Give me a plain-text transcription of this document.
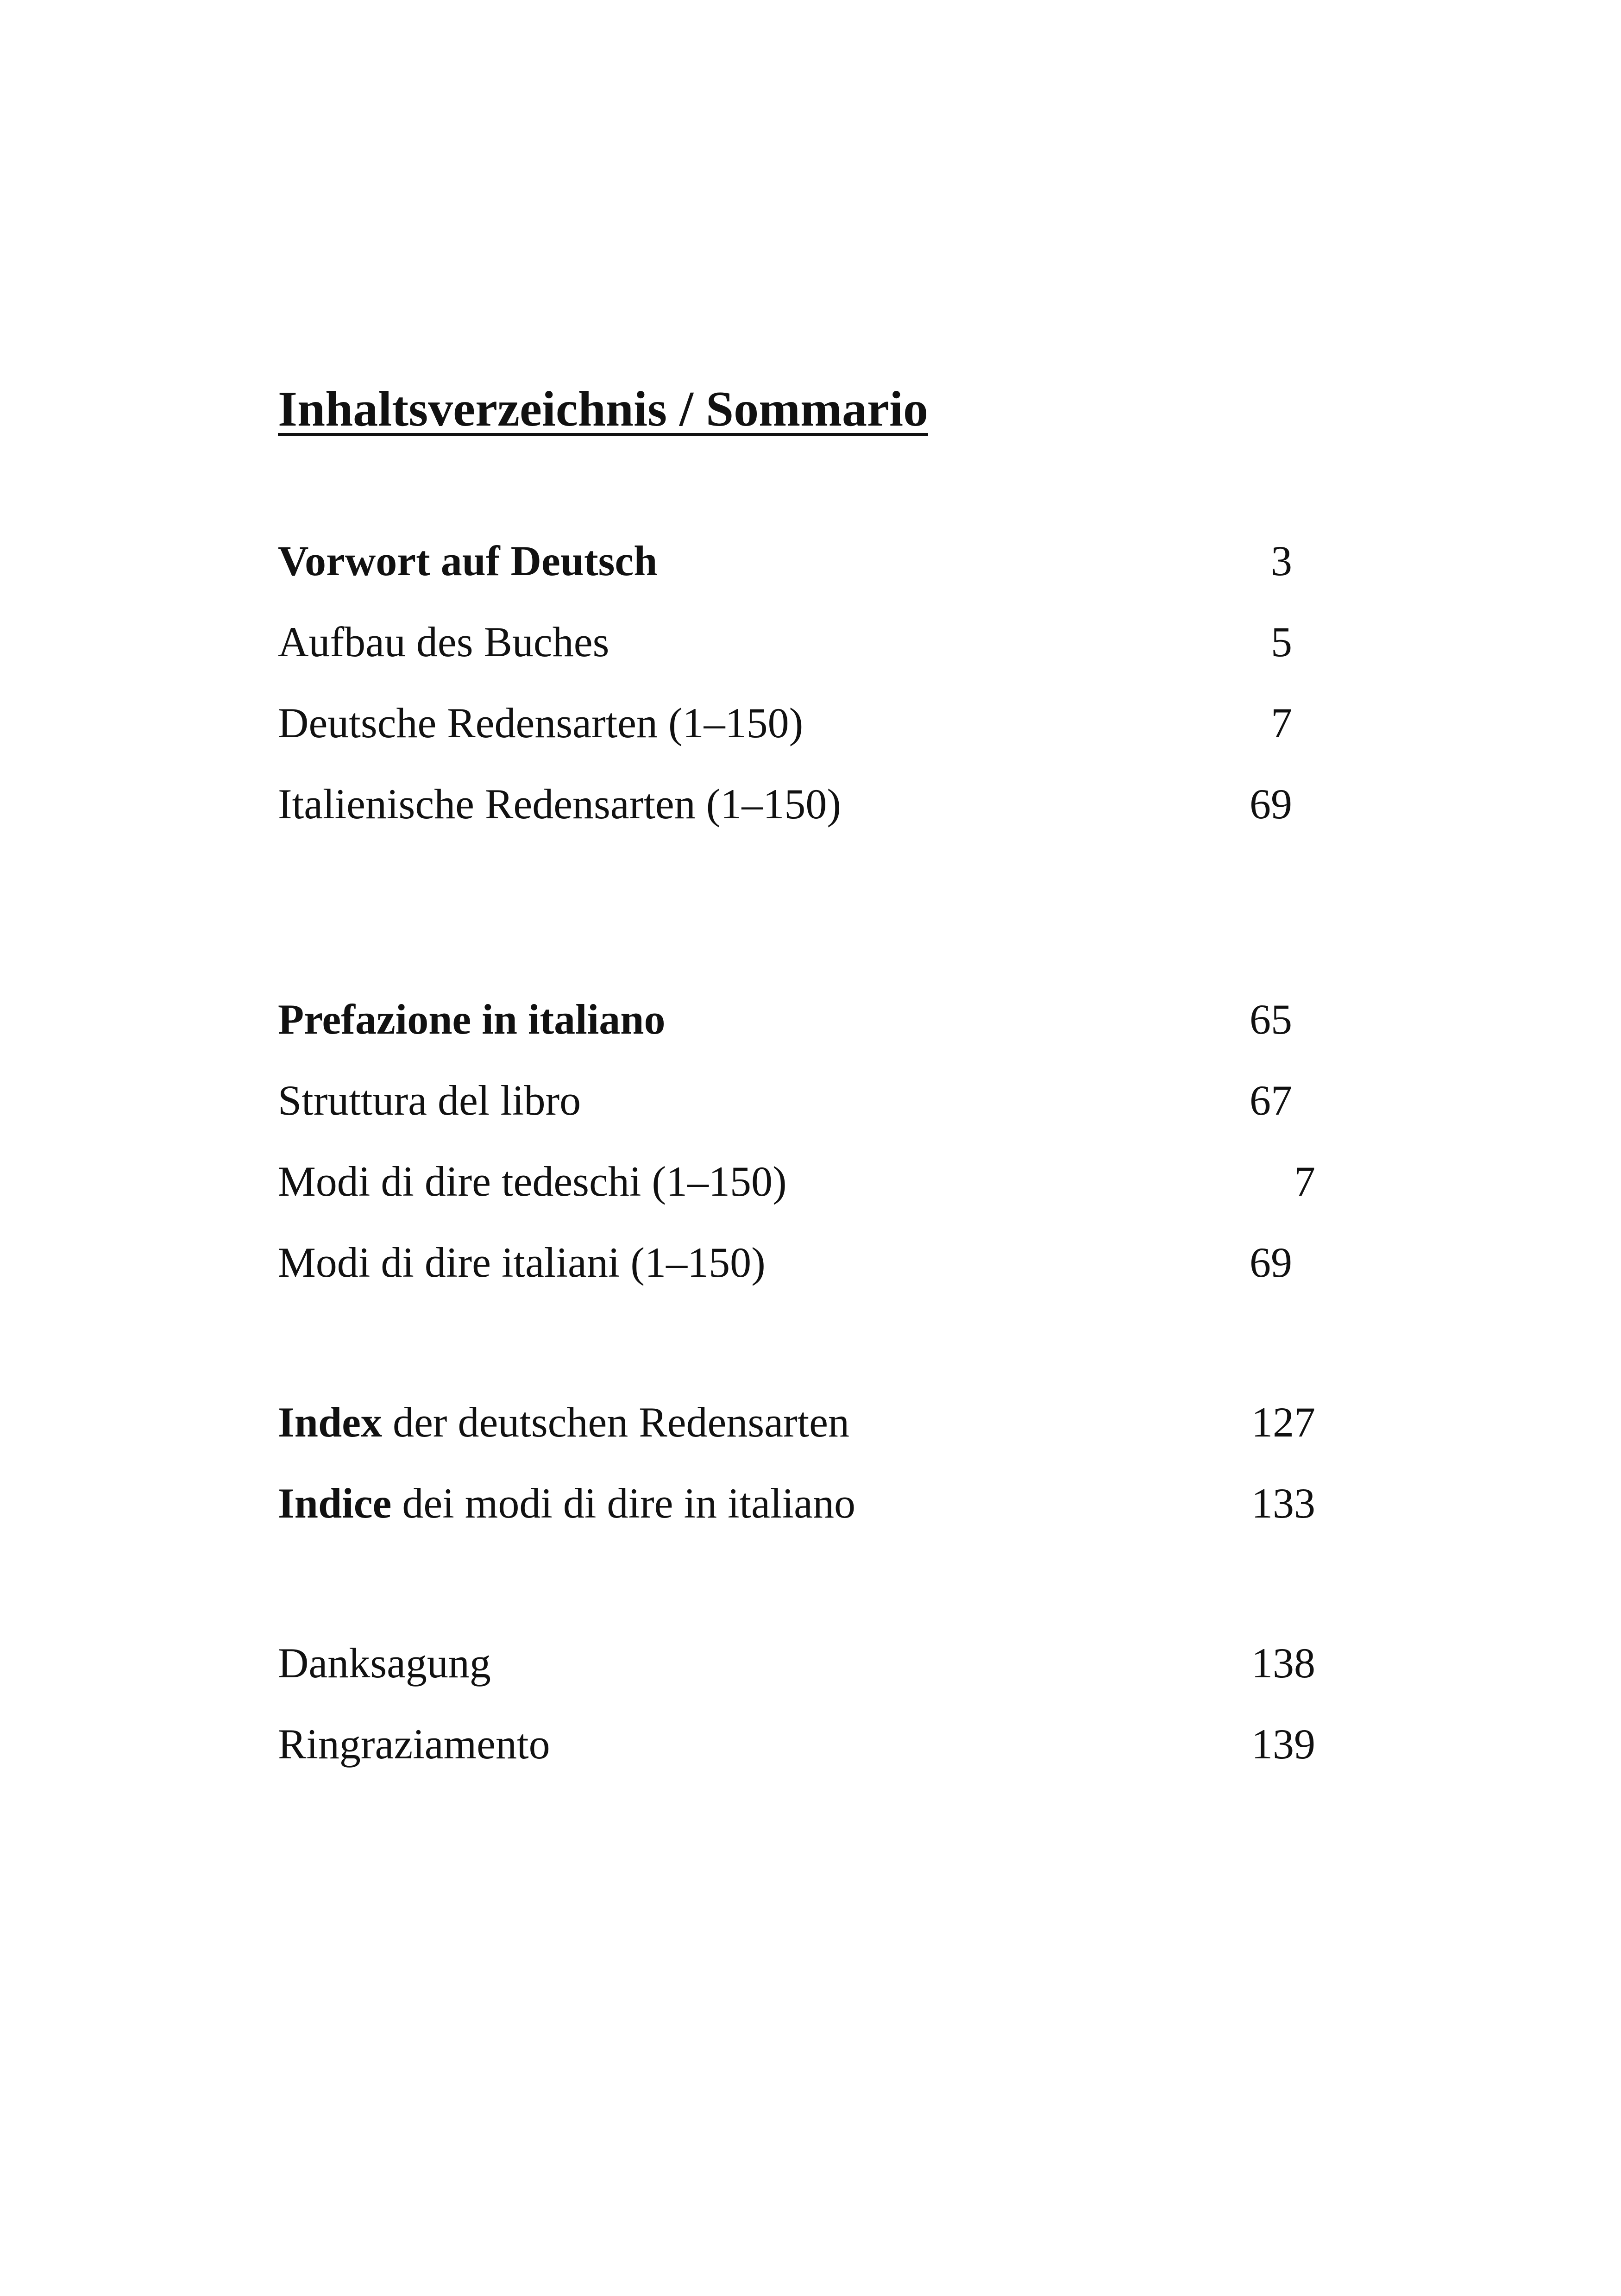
Inhaltsverzeichnis / Sommario
Vorwort auf Deutsch	3
Aufbau des Buches	5
Deutsche Redensarten (1–150)	7
Italienische Redensarten (1–150)	69
Prefazione in italiano	65
Struttura del libro	67
Modi di dire tedeschi (1–150)	7
Modi di dire italiani (1–150)	69
Index der deutschen Redensarten	127
Indice dei modi di dire in italiano	133
Danksagung	138
Ringraziamento	139
